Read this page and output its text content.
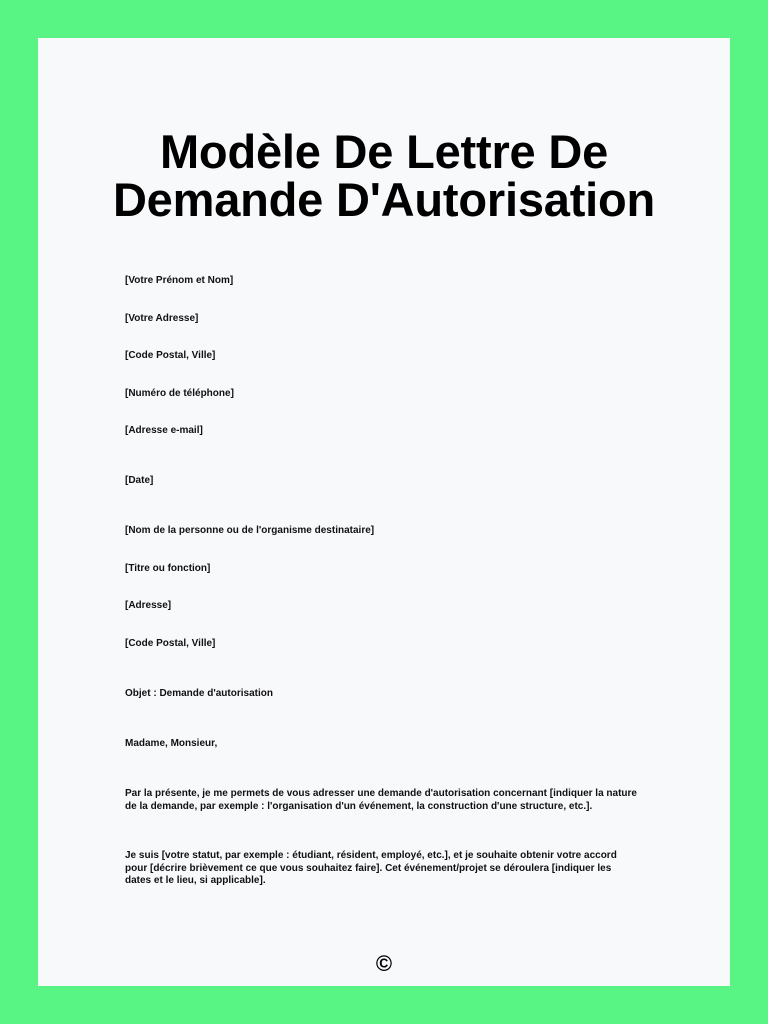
Modèle De Lettre De
Demande D'Autorisation

[Votre Prénom et Nom]

[Votre Adresse]

[Code Postal, Ville]

[Numéro de téléphone]

[Adresse e-mail]

[Date]

[Nom de la personne ou de l'organisme destinataire]

[Titre ou fonction]

[Adresse]

[Code Postal, Ville]

Objet : Demande d'autorisation

Madame, Monsieur,

Par la présente, je me permets de vous adresser une demande d'autorisation concernant [indiquer la nature
de la demande, par exemple : l'organisation d'un événement, la construction d'une structure, etc.].

Je suis [votre statut, par exemple : étudiant, résident, employé, etc.], et je souhaite obtenir votre accord
pour [décrire brièvement ce que vous souhaitez faire]. Cet événement/projet se déroulera [indiquer les
dates et le lieu, si applicable].

©
